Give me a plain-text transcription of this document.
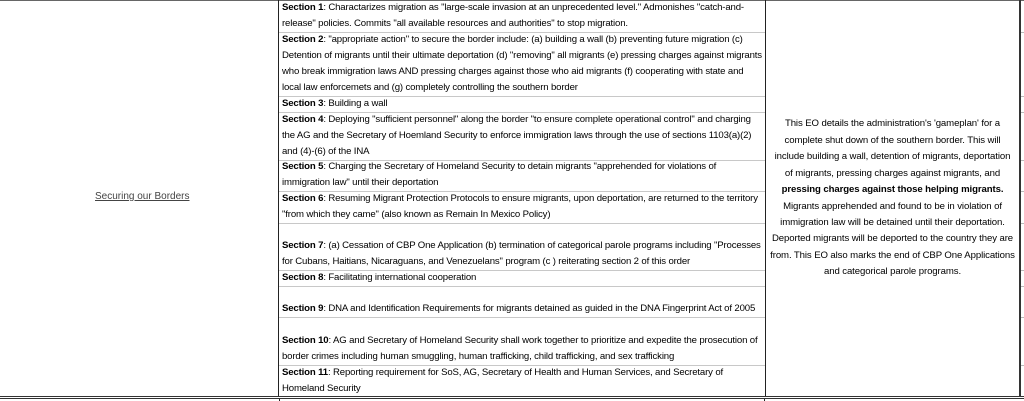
Securing our Borders
Section 1: Charactarizes migration as "large-scale invasion at an unprecedented level." Admonishes "catch-and-release" policies. Commits "all available resources and authorities" to stop migration.
Section 2: "appropriate action" to secure the border include: (a) building a wall (b) preventing future migration (c) Detention of migrants until their ultimate deportation (d) "removing" all migrants (e) pressing charges against migrants who break immigration laws AND pressing charges against those who aid migrants (f) cooperating with state and local law enforcemets and (g) completely controlling the southern border
Section 3: Building a wall
Section 4: Deploying "sufficient personnel" along the border "to ensure complete operational control" and charging the AG and the Secretary of Hoemland Security to enforce immigration laws through the use of sections 1103(a)(2) and (4)-(6) of the INA
Section 5: Charging the Secretary of Homeland Security to detain migrants "apprehended for violations of immigration law" until their deportation
Section 6: Resuming Migrant Protection Protocols to ensure migrants, upon deportation, are returned to the territory "from which they came" (also known as Remain In Mexico Policy)
Section 7: (a) Cessation of CBP One Application (b) termination of categorical parole programs including "Processes for Cubans, Haitians, Nicaraguans, and Venezuelans" program (c ) reiterating section 2 of this order
Section 8: Facilitating international cooperation
Section 9: DNA and Identification Requirements for migrants detained as guided in the DNA Fingerprint Act of 2005
Section 10: AG and Secretary of Homeland Security shall work together to prioritize and expedite the prosecution of border crimes including human smuggling, human trafficking, child trafficking, and sex trafficking
Section 11: Reporting requirement for SoS, AG, Secretary of Health and Human Services, and Secretary of Homeland Security
This EO details the administration's 'gameplan' for a complete shut down of the southern border. This will include building a wall, detention of migrants, deportation of migrants, pressing charges against migrants, and pressing charges against those helping migrants. Migrants apprehended and found to be in violation of immigration law will be detained until their deportation. Deported migrants will be deported to the country they are from. This EO also marks the end of CBP One Applications and categorical parole programs.
